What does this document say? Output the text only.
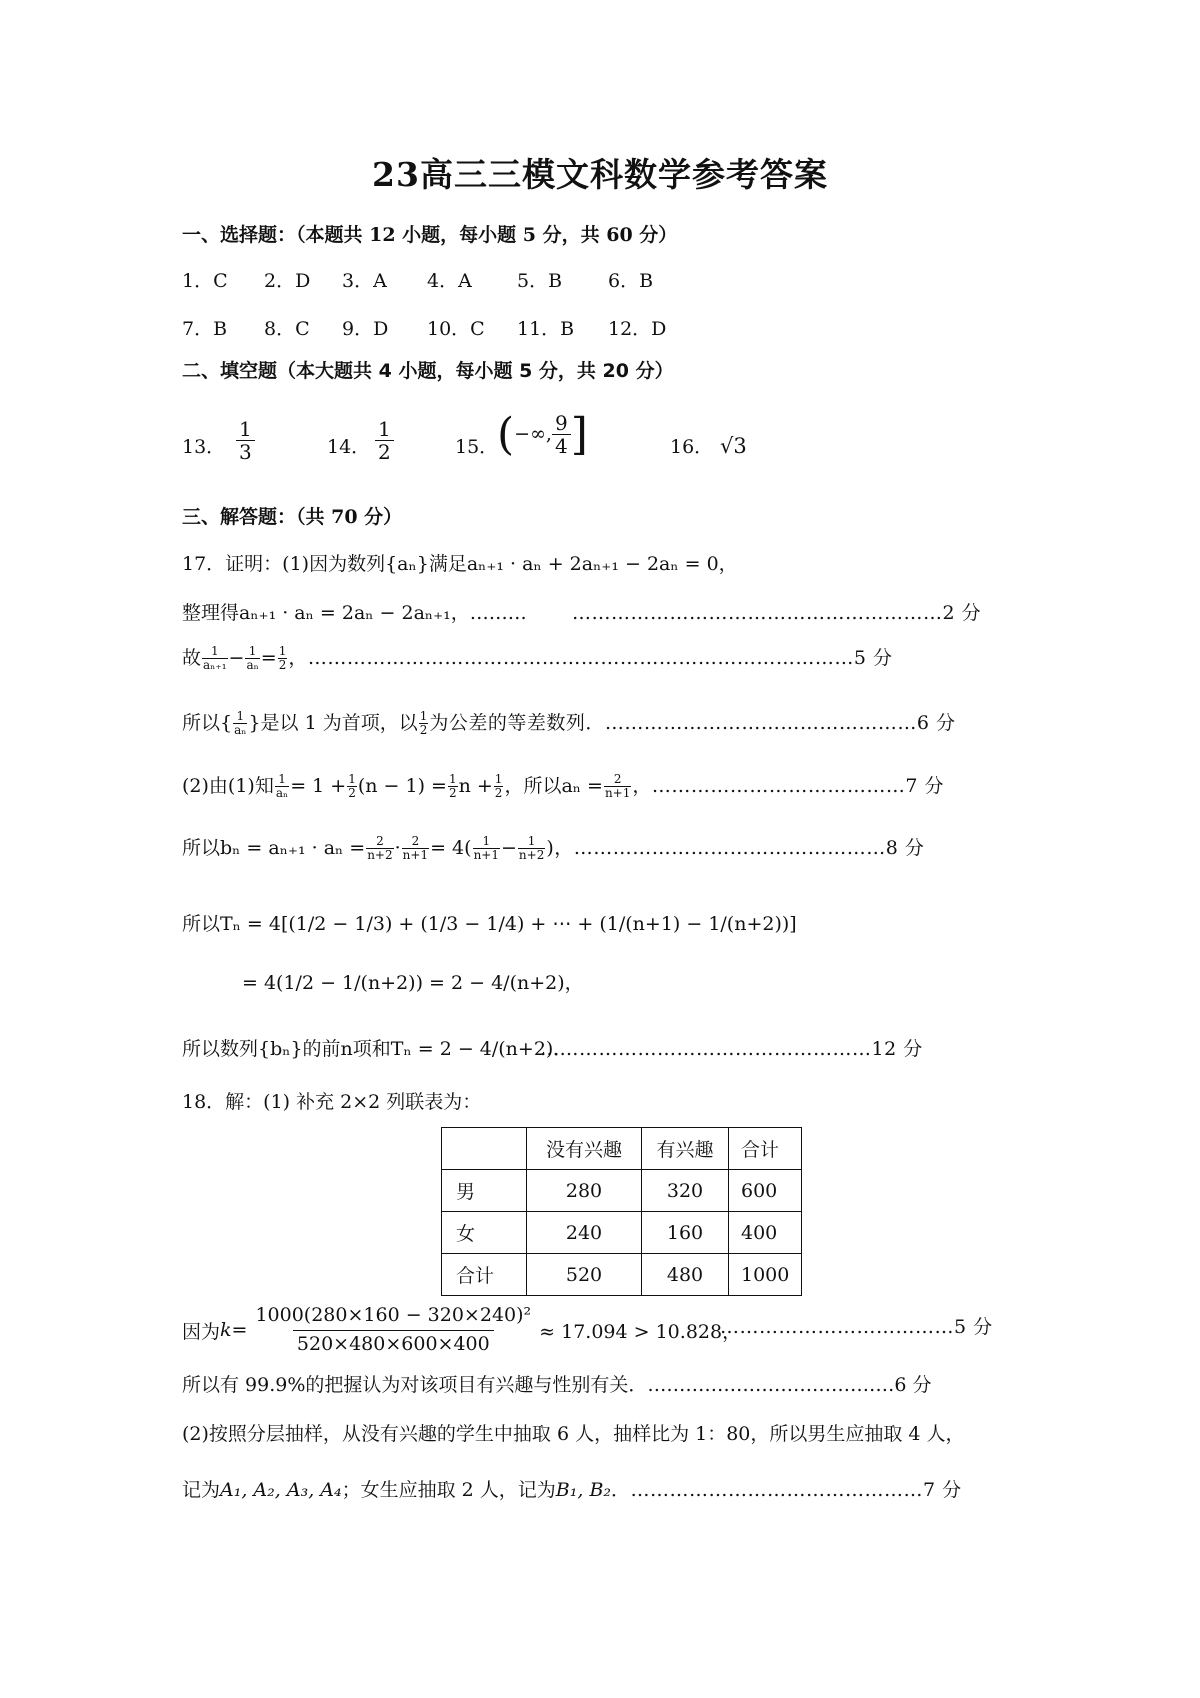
23高三三模文科数学参考答案
一、选择题：（本题共 12 小题，每小题 5 分，共 60 分）
1．C 2．D 3．A 4．A 5．B 6．B
7．B 8．C 9．D 10．C 11．B 12．D
二、填空题（本大题共 4 小题，每小题 5 分，共 20 分）
13． $\frac{1}{3}$	14． $\frac{1}{2}$	15．
( −∞, $\frac{9}{4}$ ]	16． √3
三、解答题：（共 70 分）
17．证明：(1)因为数列{aₙ}满足aₙ₊₁ · aₙ + 2aₙ₊₁ − 2aₙ = 0，
整理得aₙ₊₁ · aₙ = 2aₙ − 2aₙ₊₁，……… …………………………………………………2 分
故 $\frac{1}{\text{aₙ₊₁}} - \frac{1}{\text{aₙ}} = \frac{1}{2}$ ，…………………………………………………………………………5 分
所以{ $\frac{1}{\text{aₙ}}$ }是以 1 为首项，以 $\frac{1}{2}$ 为公差的等差数列．…………………………………………6 分
(2)由(1)知 $\frac{1}{\text{aₙ}} = 1 + \frac{1}{2} (n - 1) = \frac{1}{2}$ $n + \frac{1}{2}$ ，所以$a_n = \frac{2}{n+1}$ ，…………………………………7 分
所以$b_n = a_{n+1} \cdot a_n = \frac{2}{n+2} \cdot \frac{2}{n+1} = 4( \frac{1}{n+1} - \frac{1}{n+2}$ )，…………………………………………8 分
所以Tₙ = 4[(1/2 − 1/3) + (1/3 − 1/4) + ⋯ + (1/(n+1) − 1/(n+2))]
= 4(1/2 − 1/(n+2)) = 2 − 4/(n+2)，
所以数列{bₙ}的前n项和Tₙ = 2 − 4/(n+2)．
……………………………………………12 分
18．解：(1) 补充 2×2 列联表为：
	没有兴趣	有兴趣	合计
男	280	320	600
女	240	160	400
合计	520	480	1000
因为 $k = \frac{\text{1000(280×160 − 320×240)²}}{520\times 480\times 600\times 400} \approx 17.094 > 10.828$，
………………………………5 分
所以有 99.9%的把握认为对该项目有兴趣与性别有关．…………………………………6 分
(2)按照分层抽样，从没有兴趣的学生中抽取 6 人，抽样比为 1：80，所以男生应抽取 4 人，
记为A₁, A₂, A₃, A₄；女生应抽取 2 人，记为B₁, B₂．………………………………………7 分
